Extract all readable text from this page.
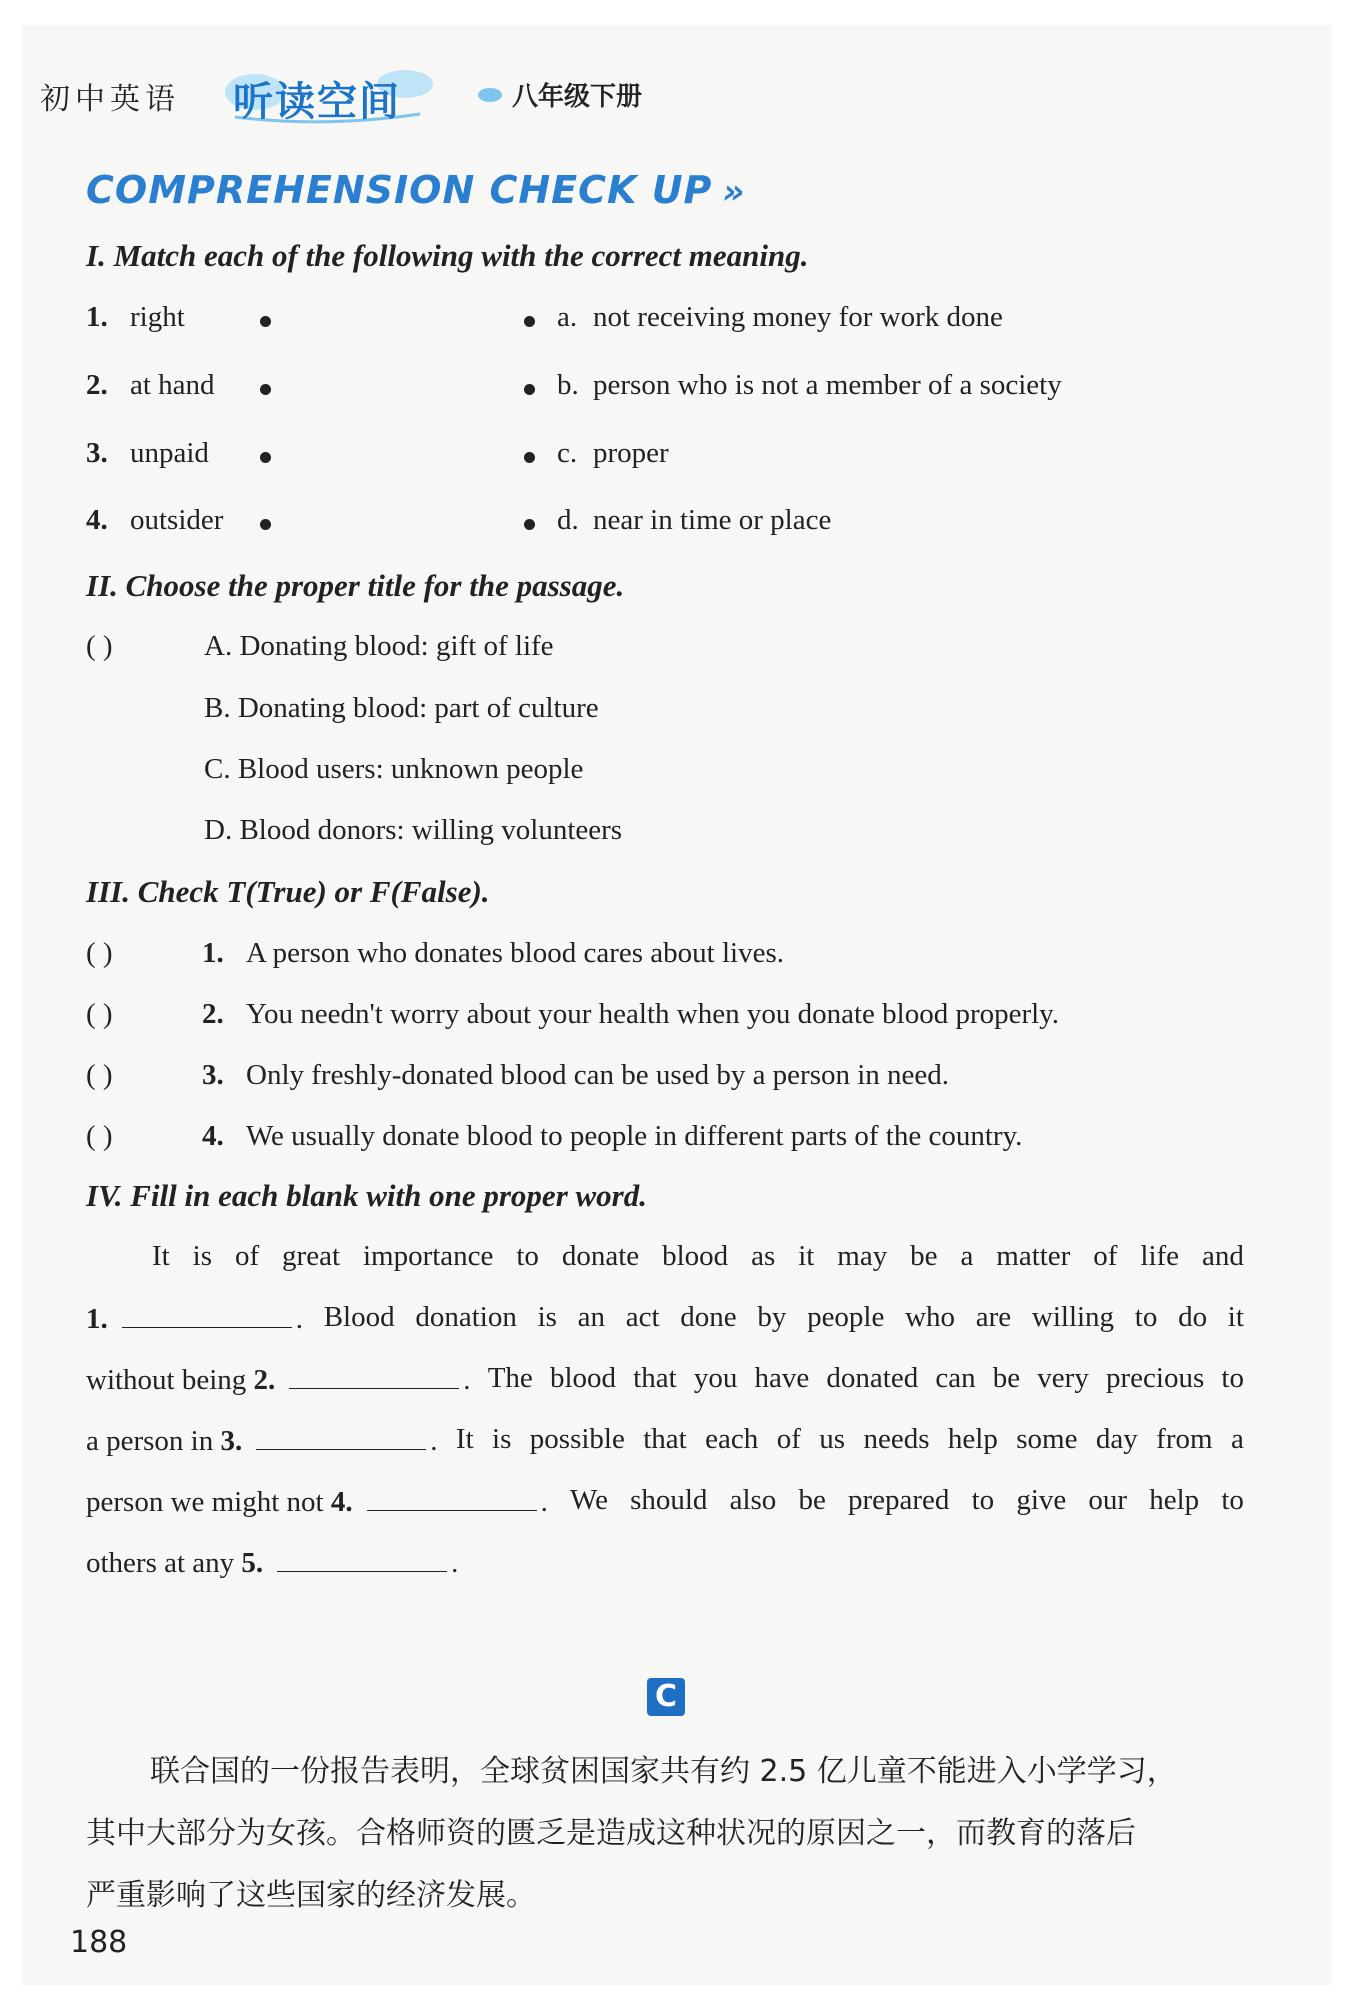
初中英语 听读空间	八年级下册
COMPREHENSION CHECK UP »
I. Match each of the following with the correct meaning.
1. right	a. not receiving money for work done
2. at hand	b. person who is not a member of a society
3. unpaid	c. proper
4. outsider	d. near in time or place
II. Choose the proper title for the passage.
( )	A. Donating blood: gift of life
B. Donating blood: part of culture
C. Blood users: unknown people
D. Blood donors: willing volunteers
III. Check T(True) or F(False).
( )	1. A person who donates blood cares about lives.
( )	2. You needn't worry about your health when you donate blood properly.
( )	3. Only freshly-donated blood can be used by a person in need.
( )	4. We usually donate blood to people in different parts of the country.
IV. Fill in each blank with one proper word.
It is of great importance to donate blood as it may be a matter of life and
1.	. Blood donation is an act done by people who are willing to do it
without being 2.	. The blood that you have donated can be very precious to
a person in 3.	. It is possible that each of us needs help some day from a
person we might not 4.	. We should also be prepared to give our help to
others at any 5.	.
C
联合国的一份报告表明，全球贫困国家共有约 2.5 亿儿童不能进入小学学习，
其中大部分为女孩。合格师资的匮乏是造成这种状况的原因之一，而教育的落后
严重影响了这些国家的经济发展。
188
